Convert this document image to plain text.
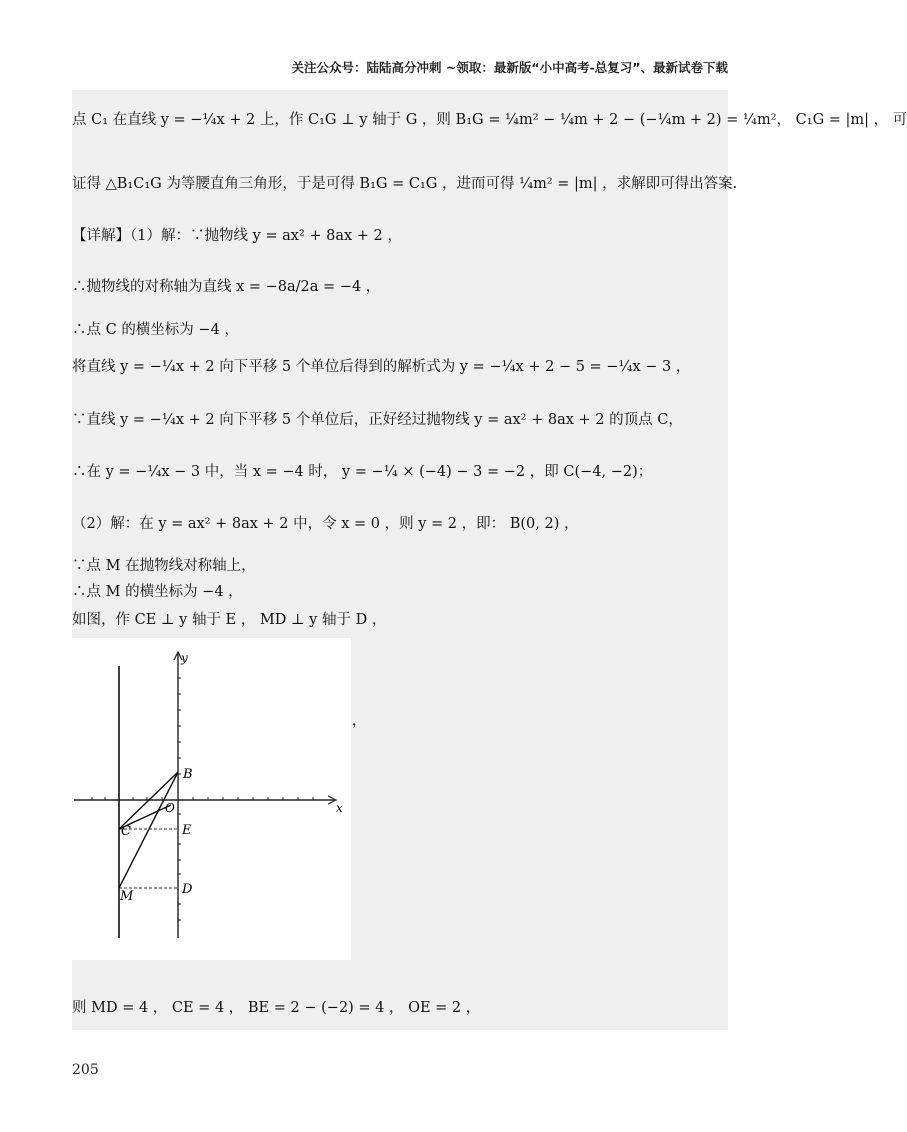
关注公众号：陆陆高分冲刺 ~领取：最新版“小中高考-总复习”、最新试卷下载
点 C₁ 在直线 y = −¼x + 2 上，作 C₁G ⊥ y 轴于 G ，则 B₁G = ¼m² − ¼m + 2 − (−¼m + 2) = ¼m²， C₁G = |m| ， 可
证得 △B₁C₁G 为等腰直角三角形，于是可得 B₁G = C₁G ，进而可得 ¼m² = |m| ，求解即可得出答案.
【详解】（1）解：∵抛物线 y = ax² + 8ax + 2 ，
∴抛物线的对称轴为直线 x = −8a/2a = −4 ，
∴点 C 的横坐标为 −4 ，
将直线 y = −¼x + 2 向下平移 5 个单位后得到的解析式为 y = −¼x + 2 − 5 = −¼x − 3 ，
∵直线 y = −¼x + 2 向下平移 5 个单位后，正好经过抛物线 y = ax² + 8ax + 2 的顶点 C，
∴在 y = −¼x − 3 中，当 x = −4 时， y = −¼ × (−4) − 3 = −2 ，即 C(−4, −2)；
（2）解：在 y = ax² + 8ax + 2 中，令 x = 0 ，则 y = 2 ，即： B(0, 2) ，
∵点 M 在抛物线对称轴上，
∴点 M 的横坐标为 −4 ，
如图，作 CE ⊥ y 轴于 E ， MD ⊥ y 轴于 D ，
y
x
O
B
C	E
D
M
则 MD = 4 ， CE = 4 ， BE = 2 − (−2) = 4 ， OE = 2 ，
，
205
